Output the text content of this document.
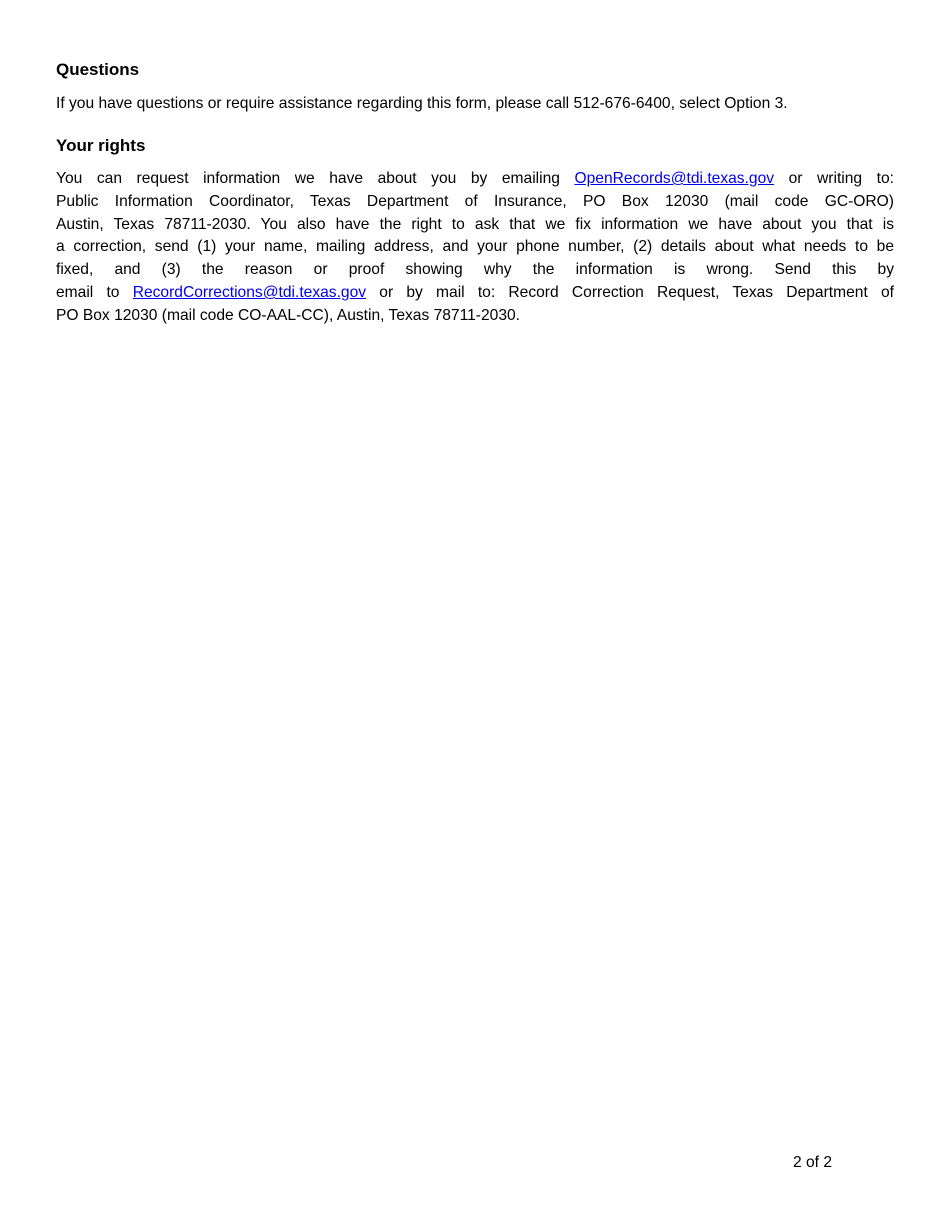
Questions

If you have questions or require assistance regarding this form, please call 512-676-6400, select Option 3.

Your rights
You can request information we have about you by emailing OpenRecords@tdi.texas.gov or writing to:
Public Information Coordinator, Texas Department of Insurance, PO Box 12030 (mail code GC-ORO)
Austin, Texas 78711-2030. You also have the right to ask that we fix information we have about you that is
a correction, send (1) your name, mailing address, and your phone number, (2) details about what needs to be
fixed, and (3) the reason or proof showing why the information is wrong. Send this by
email to RecordCorrections@tdi.texas.gov or by mail to: Record Correction Request, Texas Department of
PO Box 12030 (mail code CO-AAL-CC), Austin, Texas 78711-2030.
2 of 2
